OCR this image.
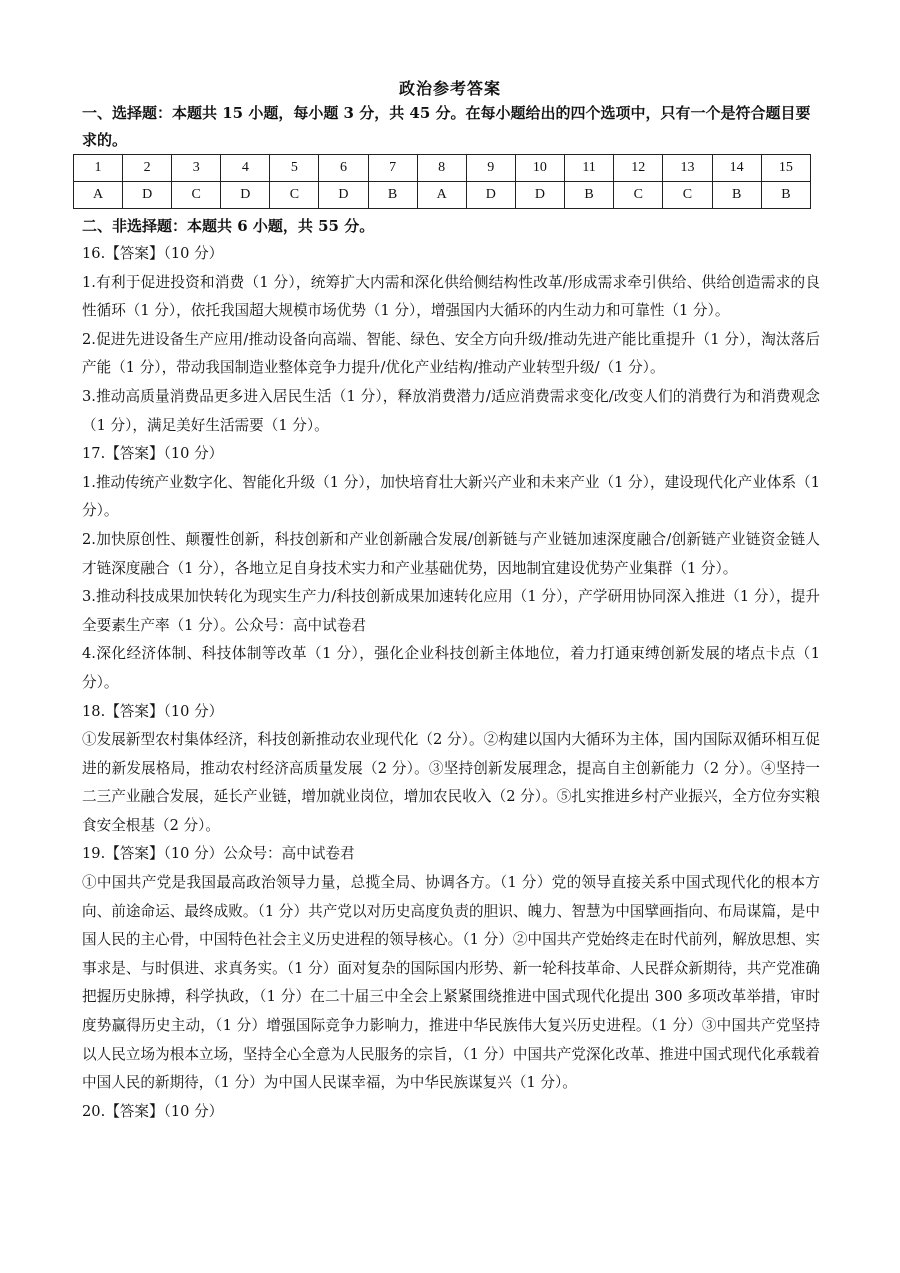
政治参考答案
一、选择题：本题共 15 小题，每小题 3 分，共 45 分。在每小题给出的四个选项中，只有一个是符合题目要求的。
1	2	3	4	5	6	7	8	9	10	11	12	13	14	15
A	D	C	D	C	D	B	A	D	D	B	C	C	B	B
二、非选择题：本题共 6 小题，共 55 分。

16.【答案】（10 分）

1.有利于促进投资和消费（1 分），统筹扩大内需和深化供给侧结构性改革/形成需求牵引供给、供给创造需求的良性循环（1 分），依托我国超大规模市场优势（1 分），增强国内大循环的内生动力和可靠性（1 分）。

2.促进先进设备生产应用/推动设备向高端、智能、绿色、安全方向升级/推动先进产能比重提升（1 分），淘汰落后产能（1 分），带动我国制造业整体竞争力提升/优化产业结构/推动产业转型升级/（1 分）。

3.推动高质量消费品更多进入居民生活（1 分），释放消费潜力/适应消费需求变化/改变人们的消费行为和消费观念（1 分），满足美好生活需要（1 分）。

17.【答案】（10 分）

1.推动传统产业数字化、智能化升级（1 分），加快培育壮大新兴产业和未来产业（1 分），建设现代化产业体系（1 分）。

2.加快原创性、颠覆性创新，科技创新和产业创新融合发展/创新链与产业链加速深度融合/创新链产业链资金链人才链深度融合（1 分），各地立足自身技术实力和产业基础优势，因地制宜建设优势产业集群（1 分）。

3.推动科技成果加快转化为现实生产力/科技创新成果加速转化应用（1 分），产学研用协同深入推进（1 分），提升全要素生产率（1 分）。公众号：高中试卷君

4.深化经济体制、科技体制等改革（1 分），强化企业科技创新主体地位，着力打通束缚创新发展的堵点卡点（1 分）。

18.【答案】（10 分）

①发展新型农村集体经济，科技创新推动农业现代化（2 分）。②构建以国内大循环为主体，国内国际双循环相互促进的新发展格局，推动农村经济高质量发展（2 分）。③坚持创新发展理念，提高自主创新能力（2 分）。④坚持一二三产业融合发展，延长产业链，增加就业岗位，增加农民收入（2 分）。⑤扎实推进乡村产业振兴，全方位夯实粮食安全根基（2 分）。

19.【答案】（10 分）公众号：高中试卷君

①中国共产党是我国最高政治领导力量，总揽全局、协调各方。（1 分）党的领导直接关系中国式现代化的根本方向、前途命运、最终成败。（1 分）共产党以对历史高度负责的胆识、魄力、智慧为中国擘画指向、布局谋篇，是中国人民的主心骨，中国特色社会主义历史进程的领导核心。（1 分）②中国共产党始终走在时代前列，解放思想、实事求是、与时俱进、求真务实。（1 分）面对复杂的国际国内形势、新一轮科技革命、人民群众新期待，共产党准确把握历史脉搏，科学执政，（1 分）在二十届三中全会上紧紧围绕推进中国式现代化提出 300 多项改革举措，审时度势赢得历史主动，（1 分）增强国际竞争力影响力，推进中华民族伟大复兴历史进程。（1 分）③中国共产党坚持以人民立场为根本立场，坚持全心全意为人民服务的宗旨，（1 分）中国共产党深化改革、推进中国式现代化承载着中国人民的新期待，（1 分）为中国人民谋幸福，为中华民族谋复兴（1 分）。

20.【答案】（10 分）
